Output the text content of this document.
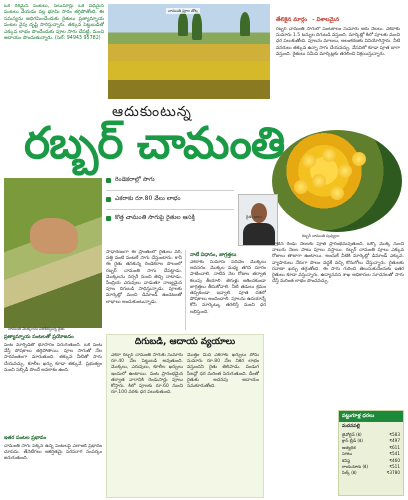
ఒకే రకమైన పంటలు, పలుమార్లు ఒకే విధమైన పంటలు వేయడం వల్ల భూమి సారం తగ్గిపోతోంది. ఈ సమస్యను అధిగమించేందుకు రైతులు ప్రత్యామ్నాయ పంటల వైపు దృష్టి సారిస్తున్నారు. తక్కువ పెట్టుబడితో ఎక్కువ లాభం పొందేందుకు పూల సాగు చేపట్టి, మంచి ఆదాయం పొందుతున్నారు. (సెల్: 94943 95782)
చామంతి పూల తోట
తేలికైన మార్గం - విశాలమైన
రబ్బర్ చామంతి సాగులో పంటకాలం సుమారు ఆరు నెలలు. ఎకరాకు సుమారు 1.5 టన్నుల దిగుబడి వస్తుంది. మార్కెట్లో కిలో పూలకు మంచి ధర పలుకుతోంది. పూలను మాలలు, అలంకరణకు వినియోగిస్తారు. నీటి వనరులు తక్కువ ఉన్నా సాగు చేయవచ్చు. వేసవిలో కూడా పూత బాగా వస్తుంది. రైతులు సమీప మార్కెట్లకు తరలించి విక్రయిస్తున్నారు.
ఆదుకుంటున్న
రబ్బర్ చామంతి
రబ్బర్ చామంతి పువ్వులు
చామంతి మొక్కలను పరిశీలిస్తున్న రైతు
రెండెకరాల్లో సాగు
ఎకరాకు రూ.80 వేలు లాభం
కొత్త చామంతి సాగుపై రైతుల ఆసక్తి	రైతు బాబు
సాధారణంగా ఈ ప్రాంతంలో రైతులు వరి, పత్తి వంటి పంటలే సాగు చేస్తుంటారు. కానీ ఈ రైతు తనకున్న రెండెకరాల పొలంలో రబ్బర్ చామంతి సాగు చేపట్టాడు. మొక్కలను నర్సరీ నుంచి తెచ్చి నాటాడు. సేంద్రియ ఎరువులు వాడుతూ నాణ్యమైన పూల దిగుబడి సాధిస్తున్నాడు. పూలకు మార్కెట్లో మంచి డిమాండ్ ఉండటంతో లాభాలు అందుకుంటున్నాడు.
నాటే విధానం, జాగ్రత్తలు
ఎకరాకు సుమారు పదివేల మొక్కలు అవసరం. మొక్కల మధ్య తగిన దూరం పాటించాలి. నాటిన నెల రోజుల తర్వాత కలుపు తీయాలి. తెగుళ్లు ఆశించకుండా జాగ్రత్తలు తీసుకోవాలి. నీటి తడులు క్రమం తప్పకుండా ఇవ్వాలి. పూత దశలో పోషకాలు అందించాలి. పూలను ఉదయాన్నే కోసి మార్కెట్కు తరలిస్తే మంచి ధర లభిస్తుంది.
నాటిన రెండు నెలలకు పూత ప్రారంభమవుతుంది. ఒక్కో మొక్క నుంచి నాలుగు నెలల పాటు పూలు వస్తాయి. రబ్బర్ చామంతి పూలు ఎక్కువ రోజులు తాజాగా ఉంటాయి. అందుకే వీటికి మార్కెట్లో డిమాండ్ ఎక్కువ. వ్యాపారులు నేరుగా పొలం వద్దకే వచ్చి కొనుగోలు చేస్తున్నారు. రైతులకు రవాణా ఖర్చు తగ్గుతోంది. ఈ సాగు గురించి తెలుసుకునేందుకు ఇతర రైతులు కూడా వస్తున్నారు. ఉద్యానవన శాఖ అధికారుల సూచనలతో సాగు చేస్తే మరింత లాభం పొందవచ్చు.
ప్రత్యామ్నాయ పంటలతో ప్రయోజనం
పంట మార్పిడితో భూసారం పెరుగుతుంది. ఒకే పంట వేస్తే పోషకాలు తగ్గిపోతాయి. పూల సాగుతో నేల సారవంతంగా మారుతుంది. తక్కువ నీటితో సాగు చేయవచ్చు. కూలీల ఖర్చు కూడా తక్కువే. ప్రభుత్వం నుంచి సబ్సిడీ పొందే అవకాశం ఉంది.
ఇతర పంటల ప్రభావం
చామంతి సాగు పక్కన ఉన్న పంటలపై ఎలాంటి ప్రభావం చూపదు. తేనెటీగలు ఆకర్షితమై పరపరాగ సంపర్కం జరుగుతుంది.
దిగుబడి, ఆదాయ వ్యయాలు
ఎకరా రబ్బర్ చామంతి సాగుకు సుమారు రూ.40 వేల పెట్టుబడి అవుతుంది. మొక్కలు, ఎరువులు, కూలీల ఖర్చులు ఇందులో ఉంటాయి. పంట ప్రారంభమైన తర్వాత వారానికి రెండుసార్లు పూలు కోస్తారు. కిలో పూలకు రూ.60 నుంచి రూ.100 వరకు ధర పలుకుతుంది.
మొత్తం మీద ఎకరాకు ఖర్చులు పోను సుమారు రూ.80 వేల నికర లాభం వస్తుందని రైతు తెలిపాడు. పండుగ సీజన్లో ధర మరింత పెరుగుతుంది. దీంతో రైతుకు అదనపు ఆదాయం సమకూరుతోంది.
పట్టుగూళ్ల ధరలు
మదనపల్లి
బైవోల్టిన్ (కి)	₹583
క్రాస్ బ్రీడ్ (కి)	₹497
అత్యధిక	₹611
సగటు	₹541
కనిష్ఠ	₹460
రాయచూరు (కి)	₹511
సిల్క్ (కి)	₹3780
